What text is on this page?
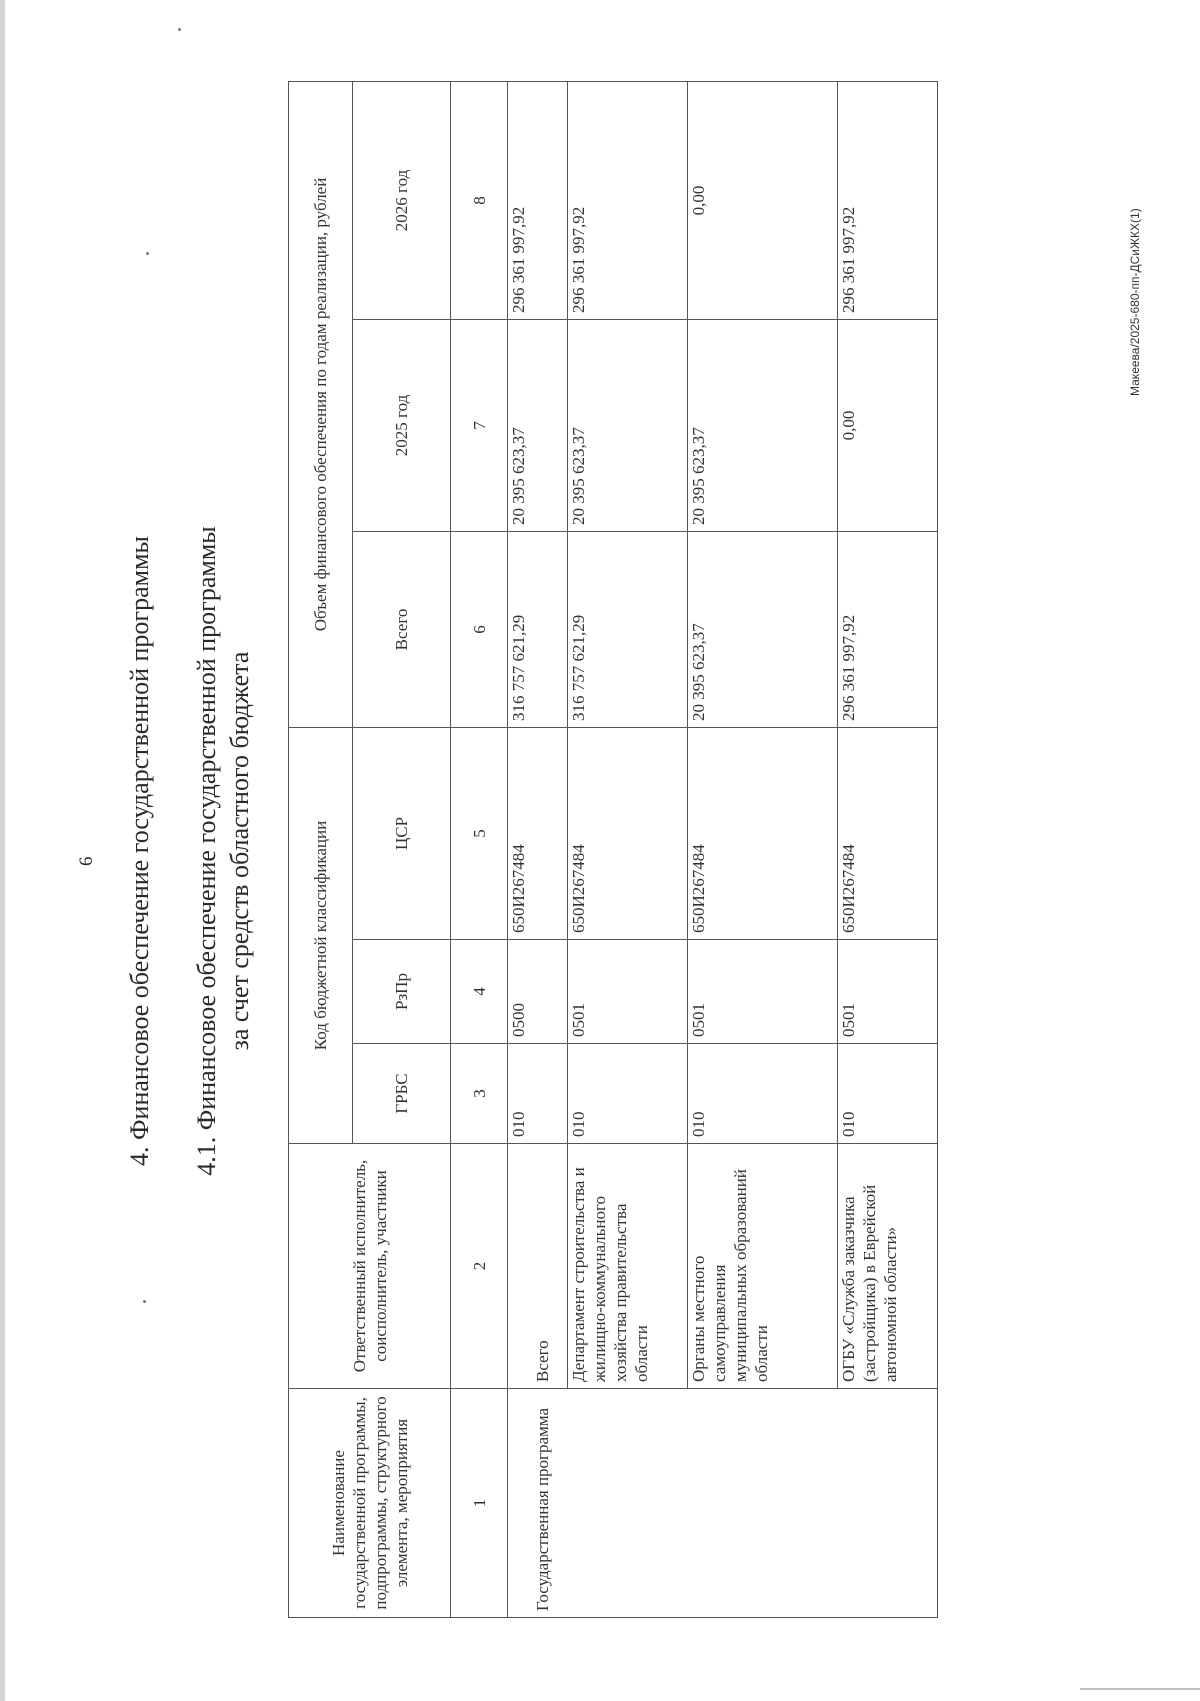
6 4. Финансовое обеспечение государственной программы 4.1. Финансовое обеспечение государственной программы за счет средств областного бюджета
Наименование государственной программы, подпрограммы, структурного элемента, мероприятия	Ответственный исполнитель, соисполнитель, участники	Код бюджетной классификации			Объем финансового обеспечения по годам реализации, рублей		
		ГРБС	РзПр	ЦСР	Всего	2025 год	2026 год
1	2	3	4	5	6	7	8
Государственная программа	Всего	010	0500	650И267484	316 757 621,29	20 395 623,37	296 361 997,92
	Департамент строительства и жилищно-коммунального хозяйства правительства области	010	0501	650И267484	316 757 621,29	20 395 623,37	296 361 997,92
	Органы местного самоуправления муниципальных образований области	010	0501	650И267484	20 395 623,37	20 395 623,37	0,00
	ОГБУ «Служба заказчика (застройщика) в Еврейской автономной области»	010	0501	650И267484	296 361 997,92	0,00	296 361 997,92	Макеева/2025-680-пп-ДСиЖКХ(1)
